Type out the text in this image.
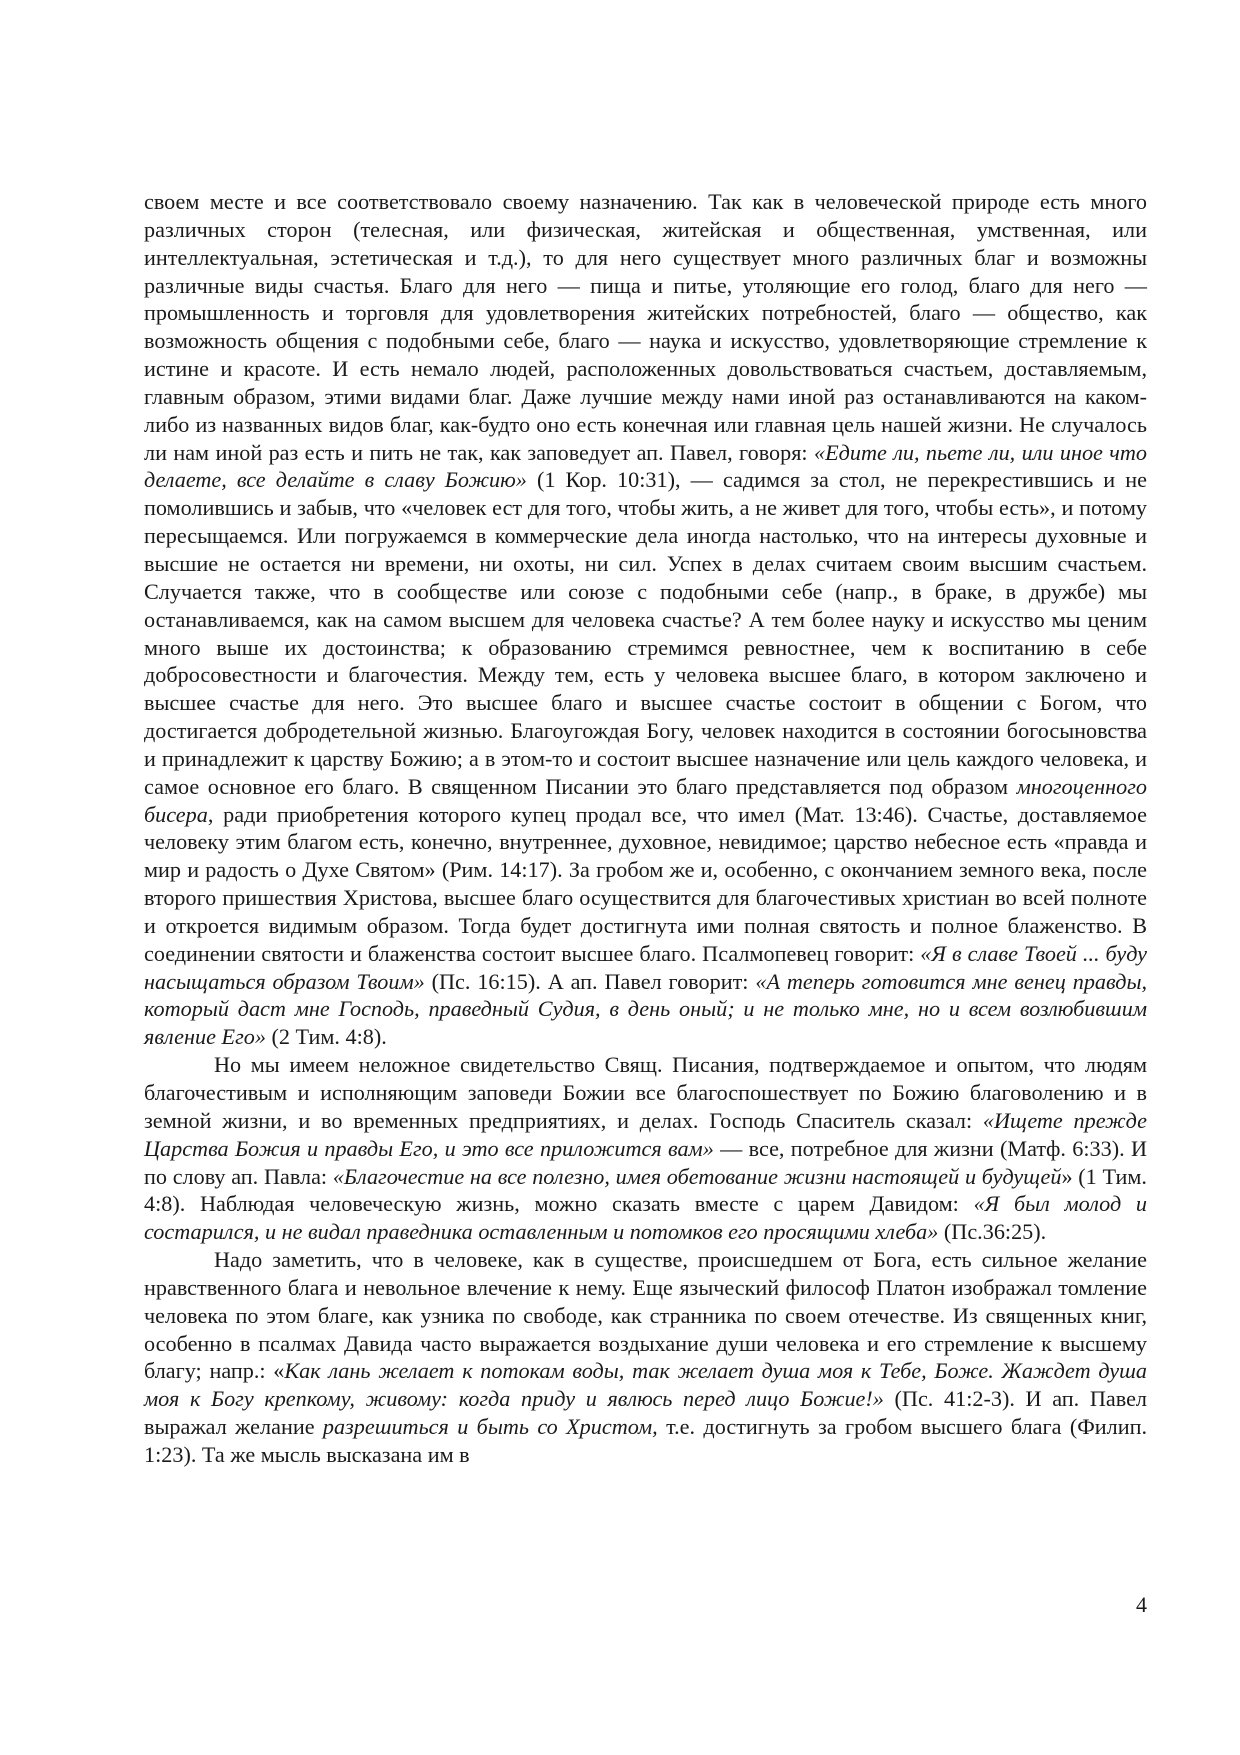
своем месте и все соответствовало своему назначению. Так как в человеческой природе есть много различных сторон (телесная, или физическая, житейская и общественная, умственная, или интеллектуальная, эстетическая и т.д.), то для него существует много различных благ и возможны различные виды счастья. Благо для него — пища и питье, утоляющие его голод, благо для него — промышленность и торговля для удовлетворения житейских потребностей, благо — общество, как возможность общения с подобными себе, благо — наука и искусство, удовлетворяющие стремление к истине и красоте. И есть немало людей, расположенных довольствоваться счастьем, доставляемым, главным образом, этими видами благ. Даже лучшие между нами иной раз останавливаются на каком-либо из названных видов благ, как-будто оно есть конечная или главная цель нашей жизни. Не случалось ли нам иной раз есть и пить не так, как заповедует ап. Павел, говоря: «Едите ли, пьете ли, или иное что делаете, все делайте в славу Божию» (1 Кор. 10:31), — садимся за стол, не перекрестившись и не помолившись и забыв, что «человек ест для того, чтобы жить, а не живет для того, чтобы есть», и потому пересыщаемся. Или погружаемся в коммерческие дела иногда настолько, что на интересы духовные и высшие не остается ни времени, ни охоты, ни сил. Успех в делах считаем своим высшим счастьем. Случается также, что в сообществе или союзе с подобными себе (напр., в браке, в дружбе) мы останавливаемся, как на самом высшем для человека счастье? А тем более науку и искусство мы ценим много выше их достоинства; к образованию стремимся ревностнее, чем к воспитанию в себе добросовестности и благочестия. Между тем, есть у человека высшее благо, в котором заключено и высшее счастье для него. Это высшее благо и высшее счастье состоит в общении с Богом, что достигается добродетельной жизнью. Благоугождая Богу, человек находится в состоянии богосыновства и принадлежит к царству Божию; а в этом-то и состоит высшее назначение или цель каждого человека, и самое основное его благо. В священном Писании это благо представляется под образом многоценного бисера, ради приобретения которого купец продал все, что имел (Мат. 13:46). Счастье, доставляемое человеку этим благом есть, конечно, внутреннее, духовное, невидимое; царство небесное есть «правда и мир и радость о Духе Святом» (Рим. 14:17). За гробом же и, особенно, с окончанием земного века, после второго пришествия Христова, высшее благо осуществится для благочестивых христиан во всей полноте и откроется видимым образом. Тогда будет достигнута ими полная святость и полное блаженство. В соединении святости и блаженства состоит высшее благо. Псалмопевец говорит: «Я в славе Твоей ... буду насыщаться образом Твоим» (Пс. 16:15). А ап. Павел говорит: «А теперь готовится мне венец правды, который даст мне Господь, праведный Судия, в день оный; и не только мне, но и всем возлюбившим явление Его» (2 Тим. 4:8).

Но мы имеем неложное свидетельство Свящ. Писания, подтверждаемое и опытом, что людям благочестивым и исполняющим заповеди Божии все благоспошествует по Божию благоволению и в земной жизни, и во временных предприятиях, и делах. Господь Спаситель сказал: «Ищете прежде Царства Божия и правды Его, и это все приложится вам» — все, потребное для жизни (Матф. 6:33). И по слову ап. Павла: «Благочестие на все полезно, имея обетование жизни настоящей и будущей» (1 Тим. 4:8). Наблюдая человеческую жизнь, можно сказать вместе с царем Давидом: «Я был молод и состарился, и не видал праведника оставленным и потомков его просящими хлеба» (Пс.36:25).

Надо заметить, что в человеке, как в существе, происшедшем от Бога, есть сильное желание нравственного блага и невольное влечение к нему. Еще языческий философ Платон изображал томление человека по этом благе, как узника по свободе, как странника по своем отечестве. Из священных книг, особенно в псалмах Давида часто выражается воздыхание души человека и его стремление к высшему благу; напр.: «Как лань желает к потокам воды, так желает душа моя к Тебе, Боже. Жаждет душа моя к Богу крепкому, живому: когда приду и явлюсь перед лицо Божие!» (Пс. 41:2-3). И ап. Павел выражал желание разрешиться и быть со Христом, т.е. достигнуть за гробом высшего блага (Филип. 1:23). Та же мысль высказана им в

4
